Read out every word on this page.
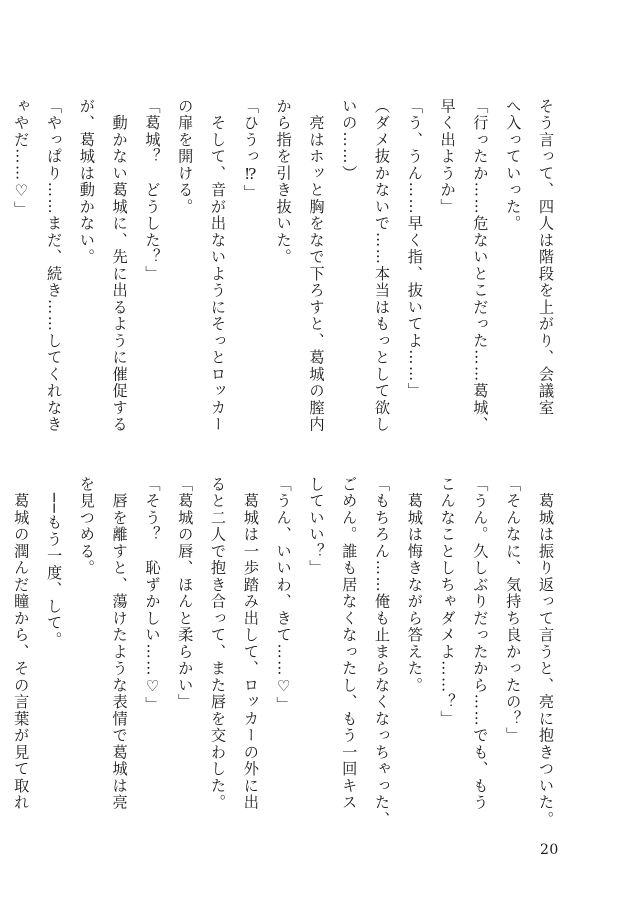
そう言って、四人は階段を上がり、会議室
へ入っていった。
「行ったか……危ないとこだった……葛城、
早く出ようか」
「う、うん……早く指、抜いてよ……」
（ダメ抜かないで……本当はもっとして欲し
いの……）
　亮はホッと胸をなで下ろすと、葛城の膣内
から指を引き抜いた。
「ひうっ⁉」
　そして、音が出ないようにそっとロッカー
の扉を開ける。
「葛城？　どうした？」
　動かない葛城に、先に出るように催促する
が、葛城は動かない。
「やっぱり……まだ、続き……してくれなき
ゃやだ……♡」
　葛城は振り返って言うと、亮に抱きついた。
「そんなに、気持ち良かったの？」
「うん。久しぶりだったから……でも、もう
こんなことしちゃダメよ……？」
　葛城は悔きながら答えた。
「もちろん……俺も止まらなくなっちゃった、
ごめん。誰も居なくなったし、もう一回キス
していい？」
「うん、いいわ、きて……♡」
　葛城は一歩踏み出して、ロッカーの外に出
ると二人で抱き合って、また唇を交わした。
「葛城の唇、ほんと柔らかい」
「そう？　恥ずかしい……♡」
　唇を離すと、蕩けたような表情で葛城は亮
を見つめる。
　──もう一度、して。
　葛城の潤んだ瞳から、その言葉が見て取れ
20
